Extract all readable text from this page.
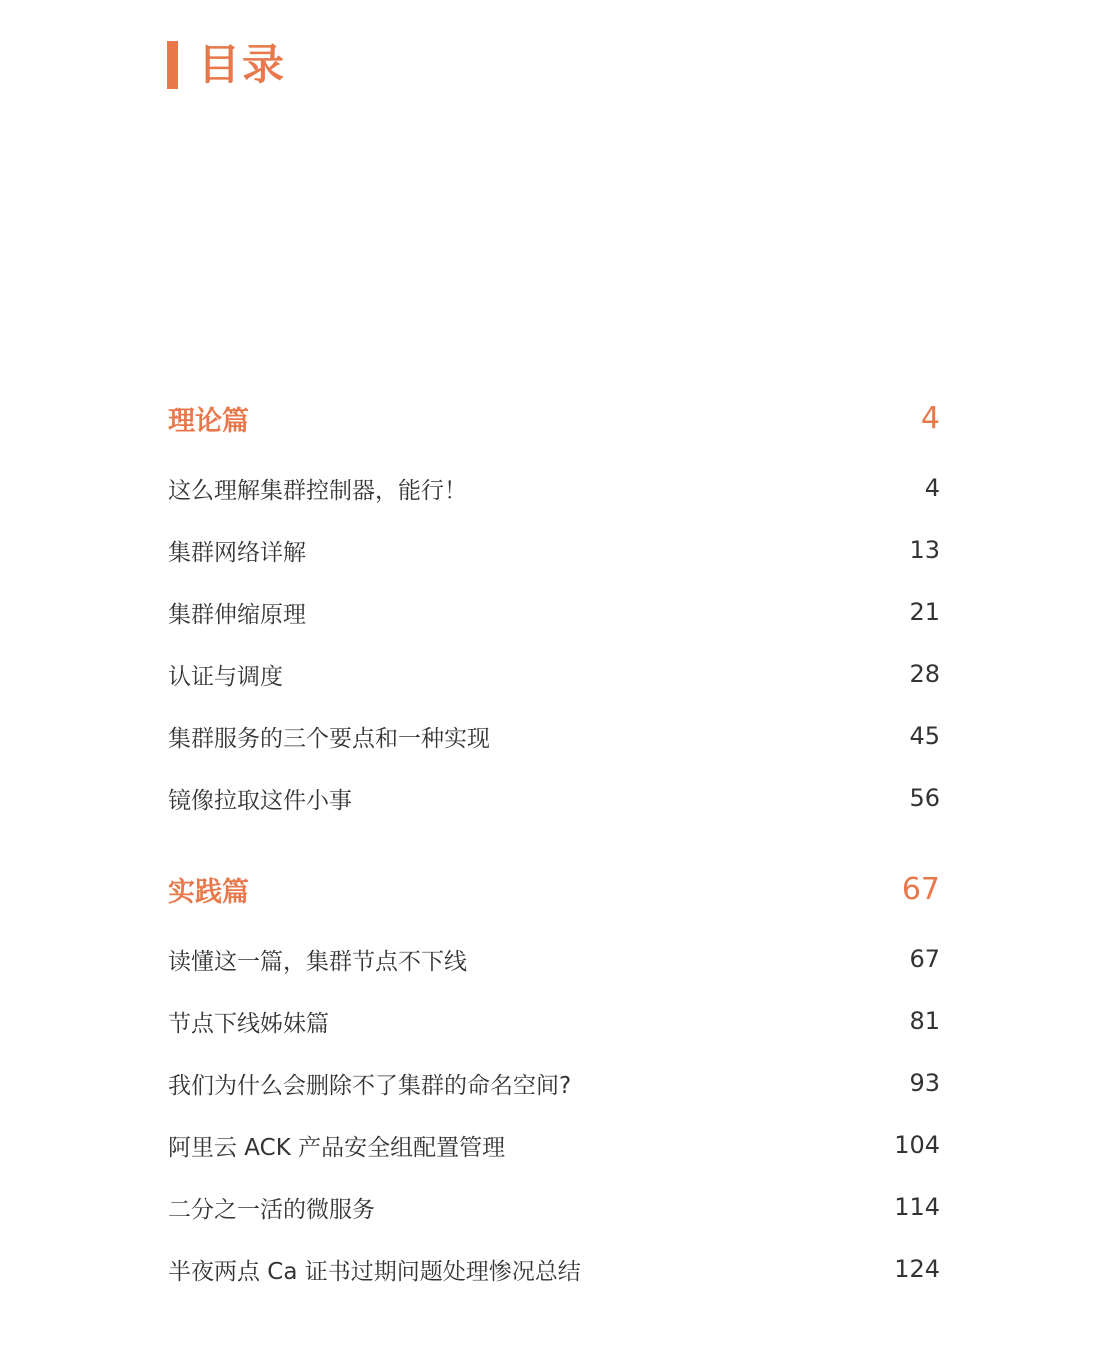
目录
理论篇	4
这么理解集群控制器，能行！	4
集群网络详解	13
集群伸缩原理	21
认证与调度	28
集群服务的三个要点和一种实现	45
镜像拉取这件小事	56
实践篇	67
读懂这一篇，集群节点不下线	67
节点下线姊妹篇	81
我们为什么会删除不了集群的命名空间?	93
阿里云 ACK 产品安全组配置管理	104
二分之一活的微服务	114
半夜两点 Ca 证书过期问题处理惨况总结	124
